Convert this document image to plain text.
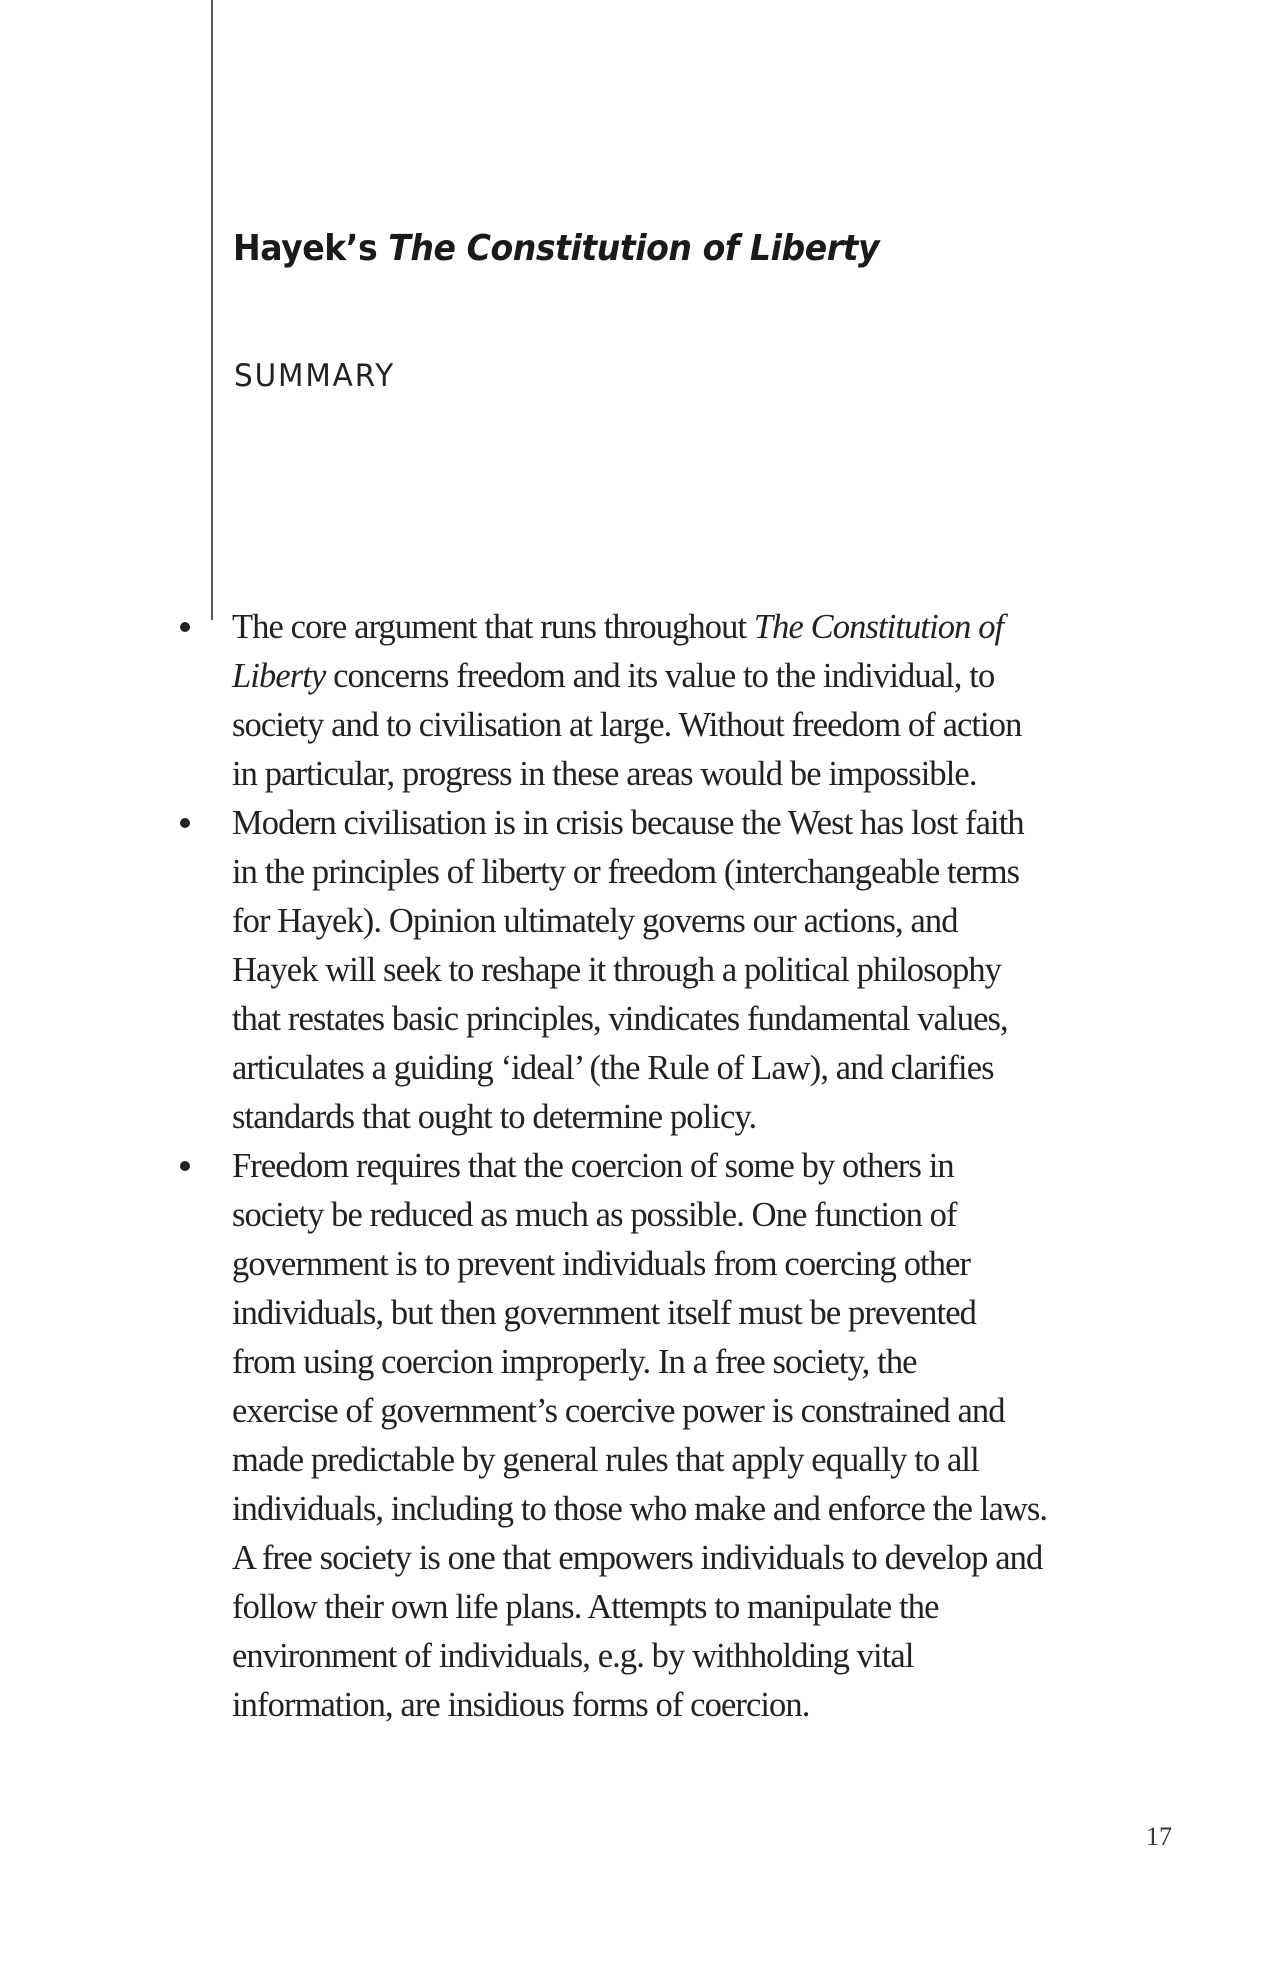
Hayek’s The Constitution of Liberty
SUMMARY
The core argument that runs throughout The Constitution of
Liberty concerns freedom and its value to the individual, to
society and to civilisation at large. Without freedom of action
in particular, progress in these areas would be impossible.
Modern civilisation is in crisis because the West has lost faith
in the principles of liberty or freedom (interchangeable terms
for Hayek). Opinion ultimately governs our actions, and
Hayek will seek to reshape it through a political philosophy
that restates basic principles, vindicates fundamental values,
articulates a guiding ‘ideal’ (the Rule of Law), and clarifies
standards that ought to determine policy.
Freedom requires that the coercion of some by others in
society be reduced as much as possible. One function of
government is to prevent individuals from coercing other
individuals, but then government itself must be prevented
from using coercion improperly. In a free society, the
exercise of government’s coercive power is constrained and
made predictable by general rules that apply equally to all
individuals, including to those who make and enforce the laws.
A free society is one that empowers individuals to develop and
follow their own life plans. Attempts to manipulate the
environment of individuals, e.g. by withholding vital
information, are insidious forms of coercion.
17
